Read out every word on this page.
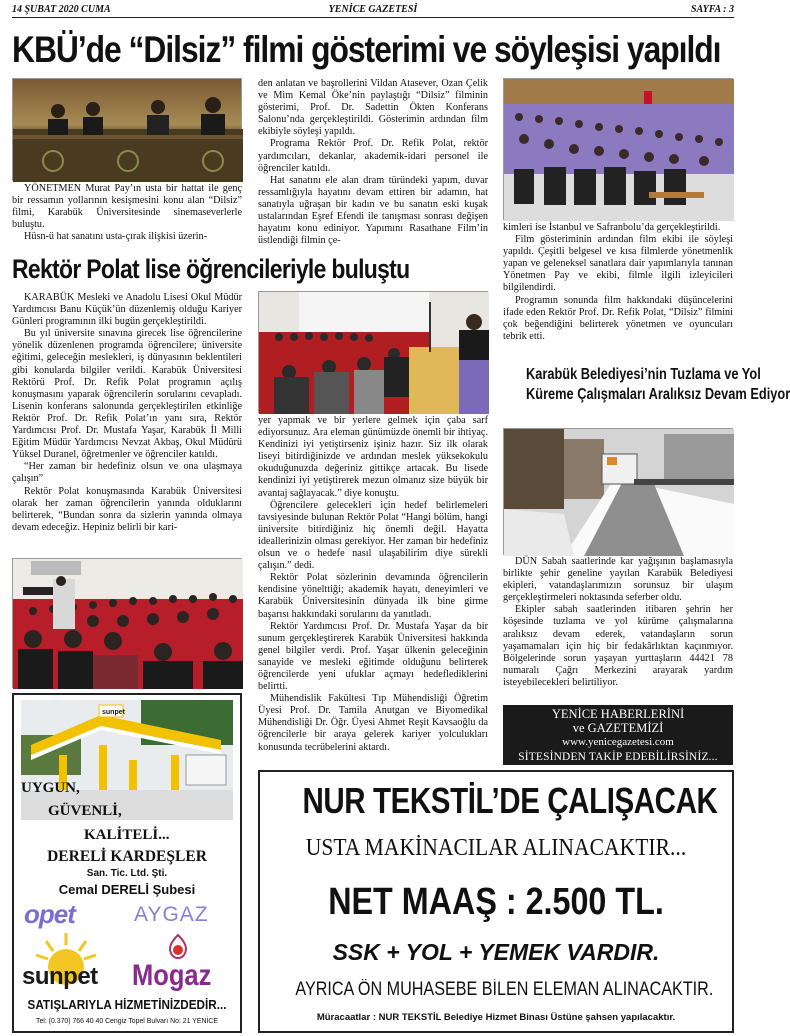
14 ŞUBAT 2020 CUMA	YENİCE GAZETESİ	SAYFA : 3
KBÜ’de “Dilsiz” filmi gösterimi ve söyleşisi yapıldı

YÖNETMEN Murat Pay’ın usta bir hattat ile genç bir ressamın yollarının kesişmesini konu alan “Dilsiz” filmi, Karabük Üniversitesinde sinemaseverlerle buluştu.

Hüsn-ü hat sanatını usta-çırak ilişkisi üzerin-

den anlatan ve başrollerini Vildan Atasever, Ozan Çelik ve Mim Kemal Öke’nin paylaştığı “Dilsiz” filminin gösterimi, Prof. Dr. Sadettin Ökten Konferans Salonu’nda gerçekleştirildi. Gösterimin ardından film ekibiyle söyleşi yapıldı.

Programa Rektör Prof. Dr. Refik Polat, rektör yardımcıları, dekanlar, akademik-idari personel ile öğrenciler katıldı.

Hat sanatını ele alan dram türündeki yapım, duvar ressamlığıyla hayatını devam ettiren bir adamın, hat sanatıyla uğraşan bir kadın ve bu sanatın eski kuşak ustalarından Eşref Efendi ile tanışması sonrası değişen hayatını konu ediniyor. Yapımını Rasathane Film’in üstlendiği filmin çe-

kimleri ise İstanbul ve Safranbolu’da gerçekleştirildi.

Film gösteriminin ardından film ekibi ile söyleşi yapıldı. Çeşitli belgesel ve kısa filmlerde yönetmenlik yapan ve geleneksel sanatlara dair yapımlarıyla tanınan Yönetmen Pay ve ekibi, filmle ilgili izleyicileri bilgilendirdi.

Programın sonunda film hakkındaki düşüncelerini ifade eden Rektör Prof. Dr. Refik Polat, “Dilsiz” filmini çok beğendiğini belirterek yönetmen ve oyuncuları tebrik etti.

Rektör Polat lise öğrencileriyle buluştu

KARABÜK Mesleki ve Anadolu Lisesi Okul Müdür Yardımcısı Banu Küçük’ün düzenlemiş olduğu Kariyer Günleri programının ilki bugün gerçekleştirildi.

Bu yıl üniversite sınavına girecek lise öğrencilerine yönelik düzenlenen programda öğrencilere; üniversite eğitimi, geleceğin meslekleri, iş dünyasının beklentileri gibi konularda bilgiler verildi. Karabük Üniversitesi Rektörü Prof. Dr. Refik Polat programın açılış konuşmasını yaparak öğrencilerin sorularını cevapladı. Lisenin konferans salonunda gerçekleştirilen etkinliğe Rektör Prof. Dr. Refik Polat’ın yanı sıra, Rektör Yardımcısı Prof. Dr. Mustafa Yaşar, Karabük İl Milli Eğitim Müdür Yardımcısı Nevzat Akbaş, Okul Müdürü Yüksel Duranel, öğretmenler ve öğrenciler katıldı.

“Her zaman bir hedefiniz olsun ve ona ulaşmaya çalışın”

Rektör Polat konuşmasında Karabük Üniversitesi olarak her zaman öğrencilerin yanında olduklarını belirterek, “Bundan sonra da sizlerin yanında olmaya devam edeceğiz. Hepiniz belirli bir kari-

yer yapmak ve bir yerlere gelmek için çaba sarf ediyorsunuz. Ara eleman günümüzde önemli bir ihtiyaç. Kendinizi iyi yetiştirseniz işiniz hazır. Siz ilk olarak liseyi bitirdiğinizde ve ardından meslek yüksekokulu okuduğunuzda değeriniz gittikçe artacak. Bu lisede kendinizi iyi yetiştirerek mezun olmanız size büyük bir avantaj sağlayacak.” diye konuştu.

Öğrencilere gelecekleri için hedef belirlemeleri tavsiyesinde bulunan Rektör Polat “Hangi bölüm, hangi üniversite bitirdiğiniz hiç önemli değil. Hayatta ideallerinizin olması gerekiyor. Her zaman bir hedefiniz olsun ve o hedefe nasıl ulaşabilirim diye sürekli çalışın.” dedi.

Rektör Polat sözlerinin devamında öğrencilerin kendisine yönelttiği; akademik hayatı, deneyimleri ve Karabük Üniversitesinin dünyada ilk bine girme başarısı hakkındaki sorularını da yanıtladı.

Rektör Yardımcısı Prof. Dr. Mustafa Yaşar da bir sunum gerçekleştirerek Karabük Üniversitesi hakkında genel bilgiler verdi. Prof. Yaşar ülkenin geleceğinin sanayide ve mesleki eğitimde olduğunu belirterek öğrencilerde yeni ufuklar açmayı hedeflediklerini belirtti.

Mühendislik Fakültesi Tıp Mühendisliği Öğretim Üyesi Prof. Dr. Tamila Anutgan ve Biyomedikal Mühendisliği Dr. Öğr. Üyesi Ahmet Reşit Kavsaoğlu da öğrencilerle bir araya gelerek kariyer yolculukları konusunda tecrübelerini aktardı.

Karabük Belediyesi’nin Tuzlama ve Yol
Küreme Çalışmaları Aralıksız Devam Ediyor

DÜN Sabah saatlerinde kar yağışının başlamasıyla birlikte şehir geneline yayılan Karabük Belediyesi ekipleri, vatandaşlarımızın sorunsuz bir ulaşım gerçekleştirmeleri noktasında seferber oldu.

Ekipler sabah saatlerinden itibaren şehrin her köşesinde tuzlama ve yol kürüme çalışmalarına aralıksız devam ederek, vatandaşların sorun yaşamamaları için hiç bir fedakârlıktan kaçınmıyor. Bölgelerinde sorun yaşayan yurttaşların 44421 78 numaralı Çağrı Merkezini arayarak yardım isteyebilecekleri belirtiliyor.

YENİCE HABERLERİNİ
ve GAZETEMİZİ
www.yenicegazetesi.com
SİTESİNDEN TAKİP EDEBİLİRSİNİZ...
sunpet
UYGUN,
GÜVENLİ,
KALİTELİ...
DERELİ KARDEŞLER
San. Tic. Ltd. Şti.
Cemal DERELİ Şubesi
opet	AYGAZ
sunpet Mogaz
SATIŞLARIYLA HİZMETİNİZDEDİR...
Tel: (0.370) 766 40 40 Cengiz Topel Bulvarı No: 21 YENİCE
NUR TEKSTİL’DE ÇALIŞACAK
USTA MAKİNACILAR ALINACAKTIR...
NET MAAŞ : 2.500 TL.
SSK + YOL + YEMEK VARDIR.
AYRICA ÖN MUHASEBE BİLEN ELEMAN ALINACAKTIR.
Müracaatlar : NUR TEKSTİL Belediye Hizmet Binası Üstüne şahsen yapılacaktır.
